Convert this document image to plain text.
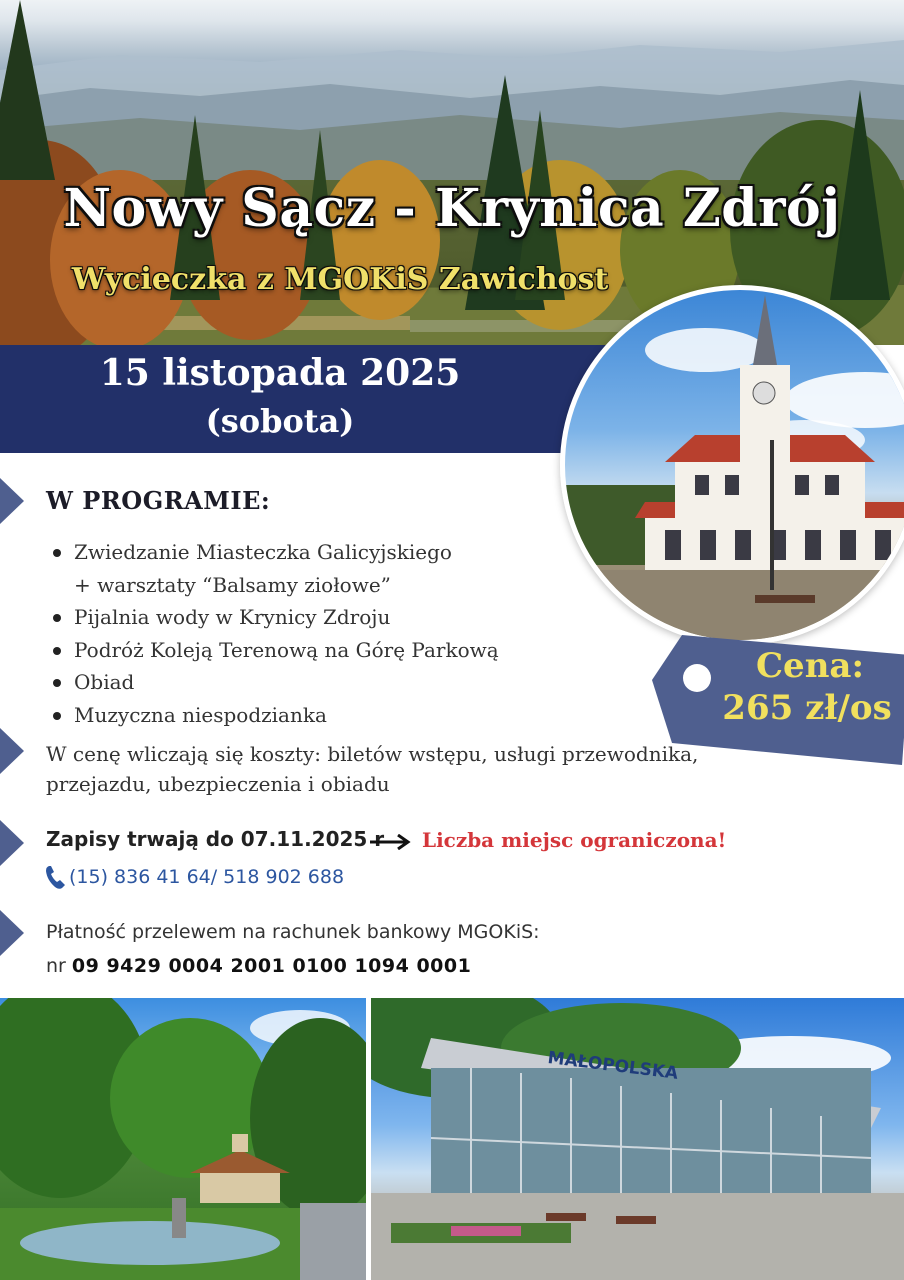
Nowy Sącz - Krynica Zdrój
Wycieczka z MGOKiS Zawichost
15 listopada 2025
(sobota)
Cena:
265 zł/os
W PROGRAMIE:
Zwiedzanie Miasteczka Galicyjskiego
+ warsztaty “Balsamy ziołowe”
Pijalnia wody w Krynicy Zdroju
Podróż Koleją Terenową na Górę Parkową
Obiad
Muzyczna niespodzianka
W cenę wliczają się koszty: biletów wstępu, usługi przewodnika,
przejazdu, ubezpieczenia i obiadu
Zapisy trwają do 07.11.2025 r Liczba miejsc ograniczona!
(15) 836 41 64/ 518 902 688
Płatność przelewem na rachunek bankowy MGOKiS:
nr 09 9429 0004 2001 0100 1094 0001
MAŁOPOLSKA
